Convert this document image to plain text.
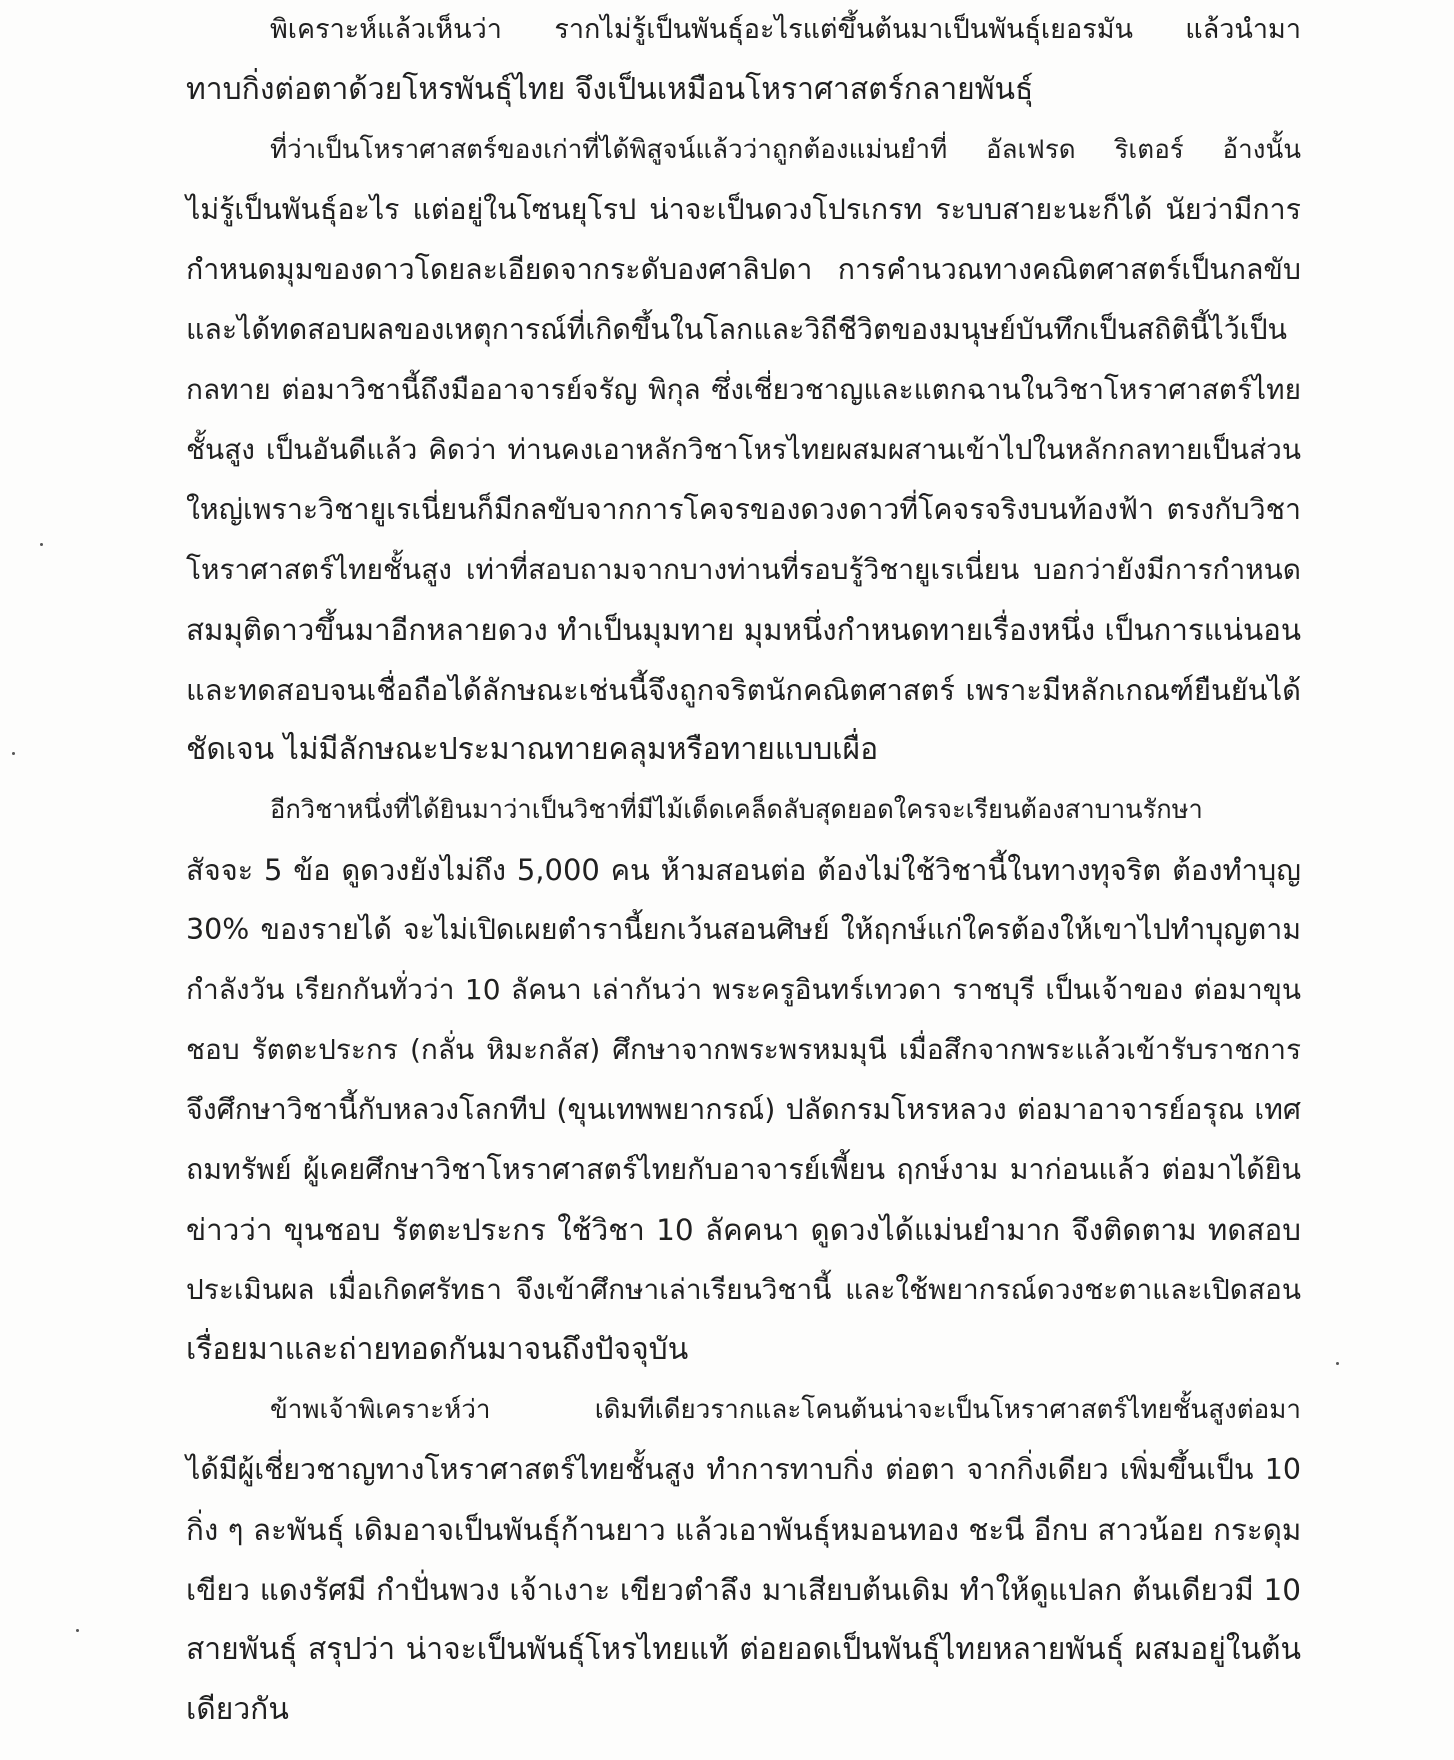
พิเคราะห์แล้วเห็นว่า รากไม่รู้เป็นพันธุ์อะไรแต่ขึ้นต้นมาเป็นพันธุ์เยอรมัน แล้วนำมา
ทาบกิ่งต่อตาด้วยโหรพันธุ์ไทย จึงเป็นเหมือนโหราศาสตร์กลายพันธุ์
ที่ว่าเป็นโหราศาสตร์ของเก่าที่ได้พิสูจน์แล้วว่าถูกต้องแม่นยำที่ อัลเฟรด ริเตอร์ อ้างนั้น
ไม่รู้เป็นพันธุ์อะไร แต่อยู่ในโซนยุโรป น่าจะเป็นดวงโปรเกรท ระบบสายะนะก็ได้ นัยว่ามีการ
กำหนดมุมของดาวโดยละเอียดจากระดับองศาลิปดา การคำนวณทางคณิตศาสตร์เป็นกลขับ
และได้ทดสอบผลของเหตุการณ์ที่เกิดขึ้นในโลกและวิถีชีวิตของมนุษย์บันทึกเป็นสถิตินี้ไว้เป็น
กลทาย ต่อมาวิชานี้ถึงมืออาจารย์จรัญ พิกุล ซึ่งเชี่ยวชาญและแตกฉานในวิชาโหราศาสตร์ไทย
ชั้นสูง เป็นอันดีแล้ว คิดว่า ท่านคงเอาหลักวิชาโหรไทยผสมผสานเข้าไปในหลักกลทายเป็นส่วน
ใหญ่เพราะวิชายูเรเนี่ยนก็มีกลขับจากการโคจรของดวงดาวที่โคจรจริงบนท้องฟ้า ตรงกับวิชา
โหราศาสตร์ไทยชั้นสูง เท่าที่สอบถามจากบางท่านที่รอบรู้วิชายูเรเนี่ยน บอกว่ายังมีการกำหนด
สมมุติดาวขึ้นมาอีกหลายดวง ทำเป็นมุมทาย มุมหนึ่งกำหนดทายเรื่องหนึ่ง เป็นการแน่นอน
และทดสอบจนเชื่อถือได้ลักษณะเช่นนี้จึงถูกจริตนักคณิตศาสตร์ เพราะมีหลักเกณฑ์ยืนยันได้
ชัดเจน ไม่มีลักษณะประมาณทายคลุมหรือทายแบบเผื่อ
อีกวิชาหนึ่งที่ได้ยินมาว่าเป็นวิชาที่มีไม้เด็ดเคล็ดลับสุดยอดใครจะเรียนต้องสาบานรักษา
สัจจะ 5 ข้อ ดูดวงยังไม่ถึง 5,000 คน ห้ามสอนต่อ ต้องไม่ใช้วิชานี้ในทางทุจริต ต้องทำบุญ
30% ของรายได้ จะไม่เปิดเผยตำรานี้ยกเว้นสอนศิษย์ ให้ฤกษ์แก่ใครต้องให้เขาไปทำบุญตาม
กำลังวัน เรียกกันทั่วว่า 10 ลัคนา เล่ากันว่า พระครูอินทร์เทวดา ราชบุรี เป็นเจ้าของ ต่อมาขุน
ชอบ รัตตะประกร (กลั่น หิมะกลัส) ศึกษาจากพระพรหมมุนี เมื่อสึกจากพระแล้วเข้ารับราชการ
จึงศึกษาวิชานี้กับหลวงโลกทีป (ขุนเทพพยากรณ์) ปลัดกรมโหรหลวง ต่อมาอาจารย์อรุณ เทศ
ถมทรัพย์ ผู้เคยศึกษาวิชาโหราศาสตร์ไทยกับอาจารย์เพี้ยน ฤกษ์งาม มาก่อนแล้ว ต่อมาได้ยิน
ข่าวว่า ขุนชอบ รัตตะประกร ใช้วิชา 10 ลัคคนา ดูดวงได้แม่นยำมาก จึงติดตาม ทดสอบ
ประเมินผล เมื่อเกิดศรัทธา จึงเข้าศึกษาเล่าเรียนวิชานี้ และใช้พยากรณ์ดวงชะตาและเปิดสอน
เรื่อยมาและถ่ายทอดกันมาจนถึงปัจจุบัน
ข้าพเจ้าพิเคราะห์ว่า เดิมทีเดียวรากและโคนต้นน่าจะเป็นโหราศาสตร์ไทยชั้นสูงต่อมา
ได้มีผู้เชี่ยวชาญทางโหราศาสตร์ไทยชั้นสูง ทำการทาบกิ่ง ต่อตา จากกิ่งเดียว เพิ่มขึ้นเป็น 10
กิ่ง ๆ ละพันธุ์ เดิมอาจเป็นพันธุ์ก้านยาว แล้วเอาพันธุ์หมอนทอง ชะนี อีกบ สาวน้อย กระดุม
เขียว แดงรัศมี กำปั่นพวง เจ้าเงาะ เขียวตำลึง มาเสียบต้นเดิม ทำให้ดูแปลก ต้นเดียวมี 10
สายพันธุ์ สรุปว่า น่าจะเป็นพันธุ์โหรไทยแท้ ต่อยอดเป็นพันธุ์ไทยหลายพันธุ์ ผสมอยู่ในต้น
เดียวกัน
